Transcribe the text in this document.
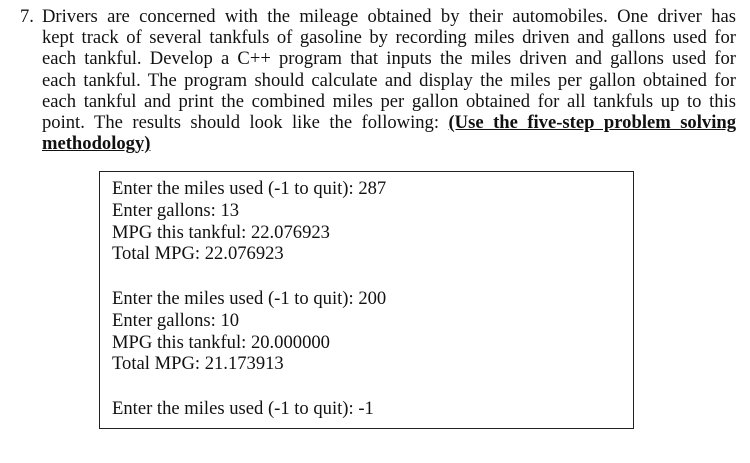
7. Drivers are concerned with the mileage obtained by their automobiles. One driver has
kept track of several tankfuls of gasoline by recording miles driven and gallons used for
each tankful. Develop a C++ program that inputs the miles driven and gallons used for
each tankful. The program should calculate and display the miles per gallon obtained for
each tankful and print the combined miles per gallon obtained for all tankfuls up to this
point. The results should look like the following: (Use the five-step problem solving
methodology)
Enter the miles used (-1 to quit): 287
Enter gallons: 13
MPG this tankful: 22.076923
Total MPG: 22.076923
Enter the miles used (-1 to quit): 200
Enter gallons: 10
MPG this tankful: 20.000000
Total MPG: 21.173913
Enter the miles used (-1 to quit): -1
